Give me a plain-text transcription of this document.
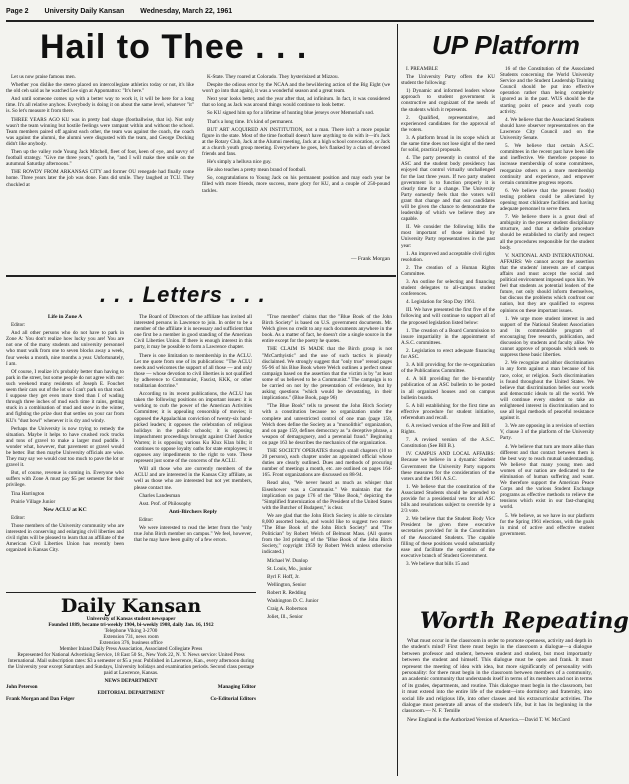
Page 2 University Daily Kansan Wednesday, March 22, 1961
Hail to Thee . . .

Let us now praise famous men.

Whether you dislike the stereo placed on intercollegiate athletics today or not, it's like the old ceh said as he watched Lee sign at Appomattox: "It's here."

And until someone comes up with a better way to work it, it will be here for a long time. It's all relative anyhow. Everybody is doing it on about the same level, whatever "it" is. So let's measure it from there.

THREE YEARS AGO KU was in pretty bad shape (footballwise, that is). Not only wasn't the team winning but hostile feelings were rampant within and without the school. Team members paired off against each other, the team was against the coach, the coach was against the alumni, the alumni were disgusted with the team, and George Docking didn't like anybody.

Then up the valley rode Young Jack Mitchell, fleet of foot, keen of eye, and savvy of football strategy. "Give me three years," quoth he, "and I will make thee smile on the autumnal Saturday afternoons."

THE ROWDY FROM ARKANSAS CITY and former OU renegade had finally come home. Three years later the job was done. Fans did smile. They laughed at TCU. They chuckled at

K-State. They roared at Colorado. They hysterisized at Mizzou.

Despite the odious error by the NCAA and the bewildering action of the Big Eight (we won't go into that again), it was a wonderful season and a great team.

Next year looks better, and the year after that, ad infinitum. In fact, it was considered that so long as Jack was around things would continue to look better.

So KU signed him up for a lifetime of hunting blue jerseys over Memorial's sod.

That's a long time. It's kind of permanent.

BUT ART ACQUIRED AN INSTITUTION, not a man. There isn't a more popular figure in the state. Most of the time football doesn't have anything to do with it—it's Jack at the Rotary Club, Jack at the Alumni meeting, Jack at a high school convocation, or Jack at a church youth group meeting. Everywhere he goes, he's flanked by a clan of devoted friends and fans.

He's simply a helluva nice guy.

He also teaches a pretty mean brand of football.

So, congratulations to Young Jack on his permanent position and may each year be filled with more friends, more success, more glory for KU, and a couple of 250-pound tackles.

— Frank Morgan
UP Platform

I. PREAMBLE

The University Party offers the KU student the following:

1) Dynamic and informed leaders whose approach to student government is constructive and cognizant of the needs of the students which it represents.

2. Qualified, representative, and experienced candidates for the approval of the voters.

3. A platform broad in its scope which at the same time does not lose sight of the need for solid, practical proposals.

4. The party presently in control of the ASC and the student body presidency has enjoyed that control virtually unchallenged for the last three years. If two party student government is to function properly it is clearly time for a change. The University Party earnestly feels that the voters will grant that change and that our candidates will be given the chance to demonstrate the leadership of which we believe they are capable.

II. We consider the following bills the most important of those initiated by University Party representatives in the past year:

1. An improved and acceptable civil rights resolution.

2. The creation of a Human Rights Committee.

3. An outline for selecting and financing student delegates to all-campus student conferences.

4. Legislation for Stop Day 1961.

III. We have presented the first five of the following and will continue to support all of the proposed legislation listed below:

1. The creation of a Board Commission to insure impartiality in the appointment of A.S.C. committees.

2. Legislation to erect adequate financing for ASC.

3. A bill providing for the re-organization of the Publications Committee.

4. A bill providing for the bi-monthly publication of an ASC bulletin to be posted in all organized houses and on campus bulletin boards.

5. A bill establishing for the first time an effective procedure for student initiative, referendum and recall.

6. A revised version of the Free and Bill of Rights.

7. A revised version of the A.S.C. Constitution (See Bill B.).

IV. CAMPUS AND LOCAL AFFAIRS: Because we believe in a dynamic Student Government the University Party supports these measures for the consideration of the voters and the 1961 A.S.C.

1. We believe that the constitution of the Associated Students should be amended to provide for a presidential veto for all ASC bills and resolutions subject to override by a 2/3 vote.

2. We believe that the Student Body Vice President be given three executive secretaries provided for in the Constitution of the Associated Students. The capable filling of these positions would substantially ease and facilitate the operation of the executive branch of Student Government.

3. We believe that bills 15 and

16 of the Constitution of the Associated Students concerning the World University Service and the Student Leadership Training Council should be put into effective operation rather than being completely ignored as in the past. WUS should be the starting point of peace and youth corp activity.

4. We believe that the Associated Students should have observer representatives on the Lawrence City Council and on the University Senate.

5. We believe that certain A.S.C. committees in the recent past have been idle and ineffective. We therefore propose to increase membership of some committees, reorganize others on a more membership continuity and experience, and empower certain committee progress reports.

6. We believe that the present food(s) testing problem could be alleviated by opening most childcare facilities and having adequate personnel to serve them.

7. We believe there is a great deal of ambiguity in the present student disciplinary structure, and that a definite procedure should be established to clarify and respect all the procedures responsible for the student body.

V. NATIONAL AND INTERNATIONAL AFFAIRS: We cannot accept the assertion that the students' interests are of campus affairs and must accept the social and political environment imposed upon him. We feel that students as potential leaders of the future, not only should inform themselves, but discuss the problems which confront our nation, but they are qualified to express opinions on these important issues.

1. We urge more student interest in and support of the National Student Association and its commendable program of encouraging free research, publication, and discussion by students and faculty alike. We cannot approve of proposals which seek to suppress these basic liberties.

2. We recognize and abhor discrimination in any form against a man because of his race, color, or religion. Such discrimination is found throughout the United States. We believe that discrimination belies our words and democratic ideals to all the world. We will continue every student to take an enlightened interest in discrimination and to use all legal methods of peaceful resistance against it.

3. We are opposing in a revision of section V, clause 3 of the platform of the University Party.

4. We believe that turn are more alike than different and that contact between them is the best way to reach mutual understanding. We believe that many young men and women of our nation are dedicated to the elimination of human suffering and want. We therefore support the American Peace Corps and the various Student Exchange programs as effective methods to relieve the tensions which exist in our fast-changing world.

5. We believe, as we have in our platform for the Spring 1961 elections, with the goals in mind of active and effective student government.

. . . Letters . . .

Life in Zone A

Editor:

And all other persons who do not have to park in Zone A: You don't realize how lucky you are! You are not one of the many students and university personnel who must walk from one to seven blocks away a week, four weeks a month, nine months a year. Unfortunately, I am.

Of course, I realize it's probably better than having to park in the street, but some people do not agree with me: such weekend many residents of Joseph E. Fouchet seem their cars out of the lot so I can't park on that road. I suppose they get even more tired than I of wading through three inches of mud each time it rains, getting stuck in a combination of mud and snow in the winter, and fighting the prize dust that settles on your car from KU's "dust bowl" whenever it is dry and windy.

Perhaps the University is now trying to remedy the situation. Maybe it helps to have crushed rock trucks and tons of gravel to make a larger mud puddle. I wonder what, however, that pavement or gravel would be better. But then maybe University officials are wise. They may say we would cost too much to pave the lot or gravel it.

But, of course, revenue is coming in. Everyone who suffers with Zone A must pay $5 per semester for their privilege.

Tina Harrington

Prairie Village Junior

New ACLU at KC

Editor:

Those members of the University community who are interested in conserving and enlarging civil liberties and civil rights will be pleased to learn that an affiliate of the American Civil Liberties Union has recently been organized in Kansas City.

The Board of Directors of the affiliate has invited all interested persons in Lawrence to join. In order to be a member of the affiliate it is necessary and sufficient that one first be a member in good standing of the American Civil Liberties Union. If there is enough interest in this party, it may be possible to form a Lawrence chapter.

There is one limitation to membership in the ACLU. Let me quote from one of its publications: "The ACLU needs and welcomes the support of all those — and only those — whose devotion to civil liberties is not qualified by adherence to Communist, Fascist, KKK, or other totalitarian doctrine."

According to its recent publications, the ACLU has taken the following positions on important issues: it is working to curb the power of the American Activities Committee; it is appealing censorship of movies; it opposed the Appalachian conviction of twenty-six hand-picked leaders; it opposes the celebration of religious holidays in the public schools; it is opposing impeachment proceedings brought against Chief Justice Warren; it is opposing various Ku Klux Klan bills; it continues to oppose loyalty oaths for state employees; it opposes any impediments to the right to vote. These represent just some of the concerns of the ACLU.

Will all those who are currently members of the ACLU and are interested in the Kansas City affiliate, as well as those who are interested but not yet members, please contact me.

Charles Landesman

Asst. Prof. of Philosophy

Anti-Birchers Reply

Editor:

We were interested to read the letter from the "only true John Birch member on campus." We feel, however, that he may have been guilty of a few errors.

"True member" claims that the "Blue Book of the John Birch Society" is based on U.S. government documents. Mr. Welch gives no credit to any such documents anywhere in the book. As a matter of fact, he doesn't cite a single source in the entire except for the poetry he quotes.

THE CLAIM IS MADE that the Birch group is not "McCarthyistic" and the use of such tactics is piously disclaimed. We strongly suggest that "only true" reread pages 95-96 of his Blue Book where Welch outlines a perfect smear campaign based on the assertion that the victim is by "at least some of us believed to be a Communist." The campaign is to be carried on not by the presentation of evidence, but by asking questions "which would be devastating, in their implications." (Blue Book, page 96)

"The Blue Book" tells to present the John Birch Society with a constitution because no organization under the complete and unrestricted control of one man (page 158, Welch does define the Society as a "monolithic" organization, and on page 159, defines democracy as "a deceptive phrase, a weapon of demagoguery, and a perennial fraud." Beginning on page 163 he describes the mechanics of the organization.

THE SOCIETY OPERATES through small chapters (10 to 20 persons), each chapter under an appointed official whose duties are clearly outlined. Dues and methods of procuring number of meetings a month, etc. are outlined on pages 164-165. Front organizations are discussed on 88-94.

Read also, "We never heard as much as whisper that Eisenhower was a Communist." We maintain that the implication on page 176 of the "Blue Book," depicting the "Simplified fraternization of the President of the United States with the Butcher of Budapest," is clear.

We are glad that the John Birch Society is able to circulate 8,000 assorted books, and would like to suggest two more: "The Blue Book of the John Birch Society" and "The Politician" by Robert Welch of Belmont Mass. (All quotes from the 3rd printing of the "Blue Book of the John Birch Society," copyright 1959 by Robert Welch unless otherwise indicated.)

Michael W. Dunlop

St. Louis, Mo., junior

Byrl F. Hoff, Jr.

Wellington, Senior

Robert R. Redding

Washington D. C. Junior

Craig A. Robertson

Joliet, Ill., Senior

Daily Kansan
University of Kansas student newspaper
Founded 1889, became tri-weekly 1904, bi-weekly 1908, daily Jan. 16, 1912
Telephone Viking 3-2700
Extension 731, news room
Extension 376, business office
Member Inland Daily Press Association, Associated Collegiate Press
Represented for National Advertising Service, 18 East 50 St., New York 22, N. Y. News service: United Press International. Mail subscription rates: $3 a semester or $5 a year. Published in Lawrence, Kan., every afternoon during the University year except Saturdays and Sundays, University holidays and examination periods. Second class postage paid at Lawrence, Kansas.
NEWS DEPARTMENT
John Peterson	Managing Editor
EDITORIAL DEPARTMENT
Frank Morgan and Dan Felger	Co-Editorial Editors
Worth Repeating

What must occur in the classroom in order to promote openness, activity and depth in the student's mind? First there must begin in the classroom a dialogue—a dialogue between professor and student, between student and student, but most importantly between the student and himself. This dialogue must be open and frank. It must represent the meeting of idea with idea, but more significantly of personality with personality: for there must begin in the classroom between members of a community, an academic community that understands itself in terms of its members and not in terms of its grades, departments, and routine. This dialogue must begin in the classroom, but it must extend into the entire life of the student—into dormitory and fraternity, into social life and religious life, into other classes and his extracurricular activities. The dialogue must penetrate all areas of the student's life, but it has its beginning in the classroom.— N. F. Temille

New England is the Authorized Version of America.—David T. W. McCord
